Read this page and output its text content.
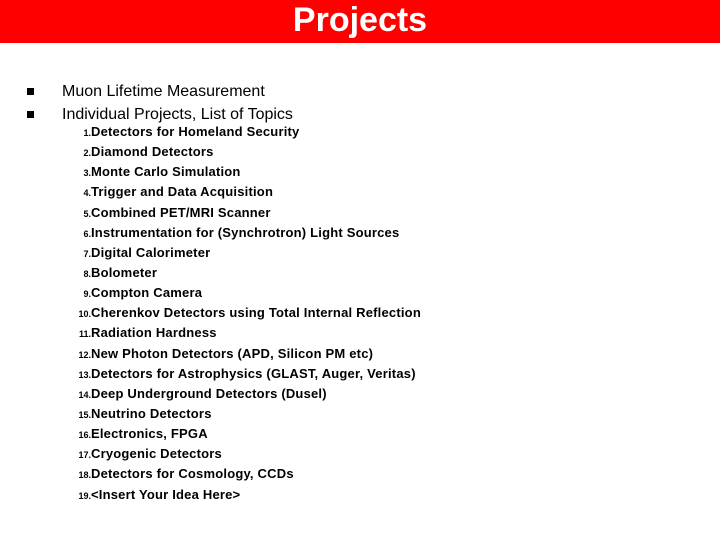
Projects
Muon Lifetime Measurement
Individual Projects, List of Topics
1. Detectors for Homeland Security
2. Diamond Detectors
3. Monte Carlo Simulation
4. Trigger and Data Acquisition
5. Combined PET/MRI Scanner
6. Instrumentation for (Synchrotron) Light Sources
7. Digital Calorimeter
8. Bolometer
9. Compton Camera
10. Cherenkov Detectors using Total Internal Reflection
11. Radiation Hardness
12. New Photon Detectors (APD, Silicon PM etc)
13. Detectors for Astrophysics (GLAST, Auger, Veritas)
14. Deep Underground Detectors (Dusel)
15. Neutrino Detectors
16. Electronics, FPGA
17. Cryogenic Detectors
18. Detectors for Cosmology, CCDs
19. <Insert Your Idea Here>
